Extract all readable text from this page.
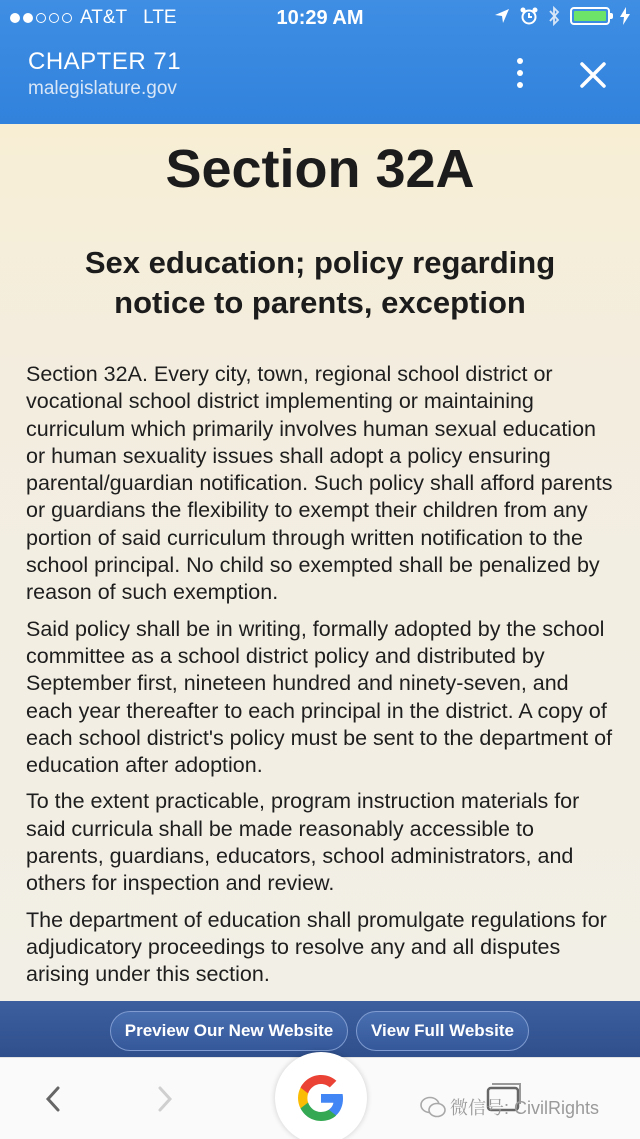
AT&T LTE	10:29 AM
CHAPTER 71
malegislature.gov
Section 32A
Sex education; policy regarding notice to parents, exception

Section 32A. Every city, town, regional school district or vocational school district implementing or maintaining curriculum which primarily involves human sexual education or human sexuality issues shall adopt a policy ensuring parental/guardian notification. Such policy shall afford parents or guardians the flexibility to exempt their children from any portion of said curriculum through written notification to the school principal. No child so exempted shall be penalized by reason of such exemption.

Said policy shall be in writing, formally adopted by the school committee as a school district policy and distributed by September first, nineteen hundred and ninety-seven, and each year thereafter to each principal in the district. A copy of each school district's policy must be sent to the department of education after adoption.

To the extent practicable, program instruction materials for said curricula shall be made reasonably accessible to parents, guardians, educators, school administrators, and others for inspection and review.

The department of education shall promulgate regulations for adjudicatory proceedings to resolve any and all disputes arising under this section.

Preview Our New Website	View Full Website
微信号: CivilRights
